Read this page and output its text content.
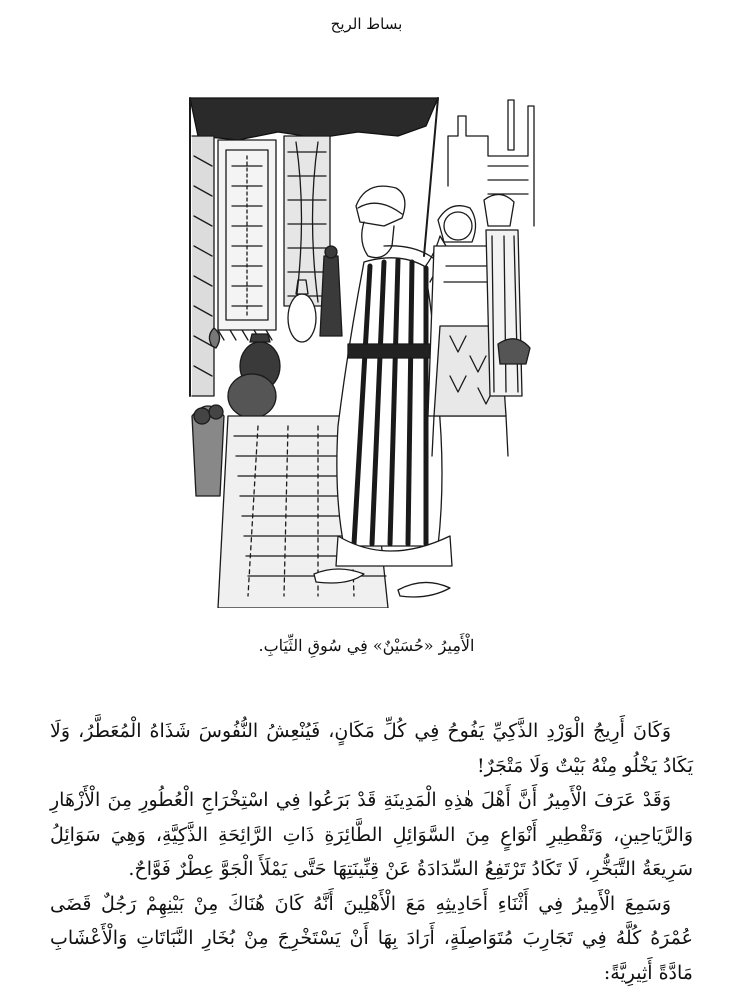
بساط الريح
الْأَمِيرُ «حُسَيْنٌ» فِي سُوقِ الثِّيَابِ.

وَكَانَ أَرِيجُ الْوَرْدِ الذَّكِيِّ يَفُوحُ فِي كُلِّ مَكَانٍ، فَيُنْعِشُ النُّفُوسَ شَذَاهُ الْمُعَطَّرُ، وَلَا يَكَادُ يَخْلُو مِنْهُ بَيْتٌ وَلَا مَتْجَرٌ!

وَقَدْ عَرَفَ الْأَمِيرُ أَنَّ أَهْلَ هٰذِهِ الْمَدِينَةِ قَدْ بَرَعُوا فِي اسْتِخْرَاجِ الْعُطُورِ مِنَ الْأَزْهَارِ وَالرَّيَاحِينِ، وَتَقْطِيرِ أَنْوَاعٍ مِنَ السَّوَائِلِ الطَّائِرَةِ ذَاتِ الرَّائِحَةِ الذَّكِيَّةِ، وَهِيَ سَوَائِلُ سَرِيعَةُ التَّبَخُّرِ، لَا تَكَادُ تَرْتَفِعُ السِّدَادَةُ عَنْ قِنِّينَتِهَا حَتَّى يَمْلَأَ الْجَوَّ عِطْرٌ فَوَّاحٌ.

وَسَمِعَ الْأَمِيرُ فِي أَثْنَاءِ أَحَادِيثِهِ مَعَ الْأَهْلِينَ أَنَّهُ كَانَ هُنَاكَ مِنْ بَيْنِهِمْ رَجُلٌ قَضَى عُمْرَهُ كُلَّهُ فِي تَجَارِبَ مُتَوَاصِلَةٍ، أَرَادَ بِهَا أَنْ يَسْتَخْرِجَ مِنْ بُخَارِ النَّبَاتَاتِ وَالْأَعْشَابِ مَادَّةً أَثِيرِيَّةً:
